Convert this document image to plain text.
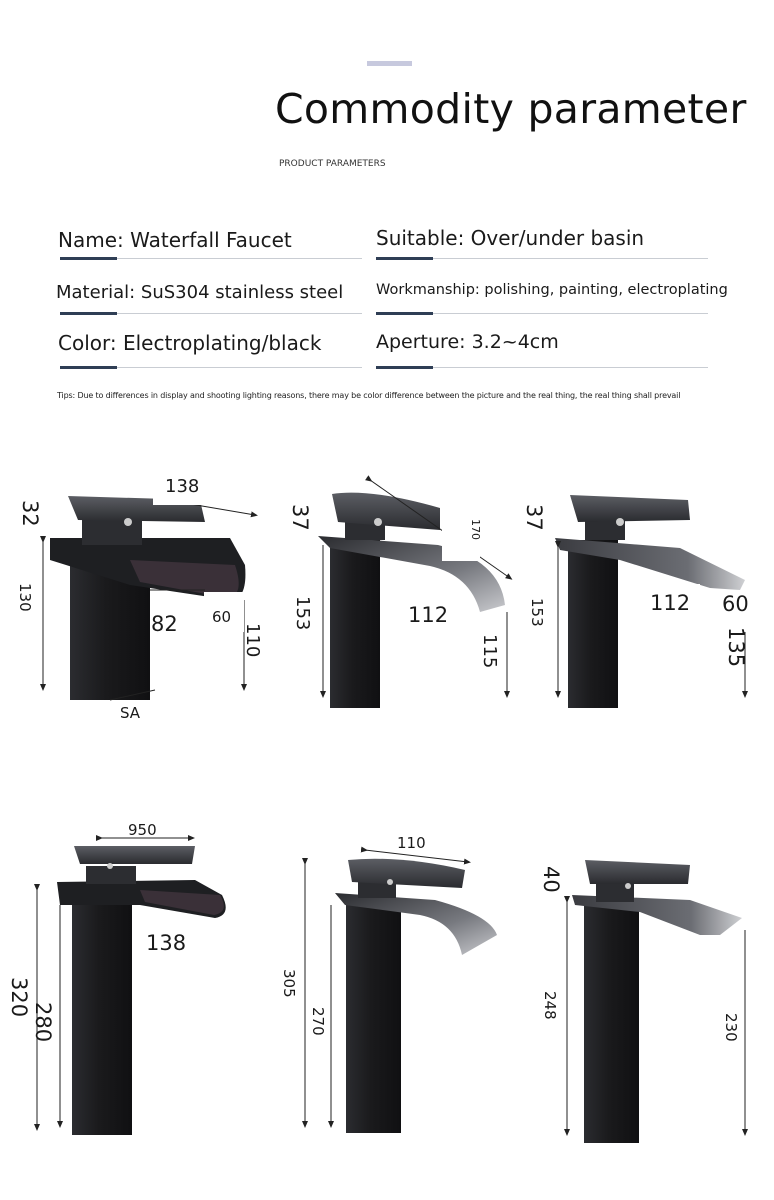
Commodity parameter
PRODUCT PARAMETERS
Name: Waterfall Faucet	Suitable: Over/under basin
Material: SuS304 stainless steel Workmanship: polishing, painting, electroplating
Color: Electroplating/black	Aperture: 3.2~4cm
Tips: Due to differences in display and shooting lighting reasons, there may be color difference between the picture and the real thing, the real thing shall prevail
138
32
130
82 60
110
SA
37
153	112
170
115
37
153	112 60
135
950
138
320
280
110
305
270
40
248
230
